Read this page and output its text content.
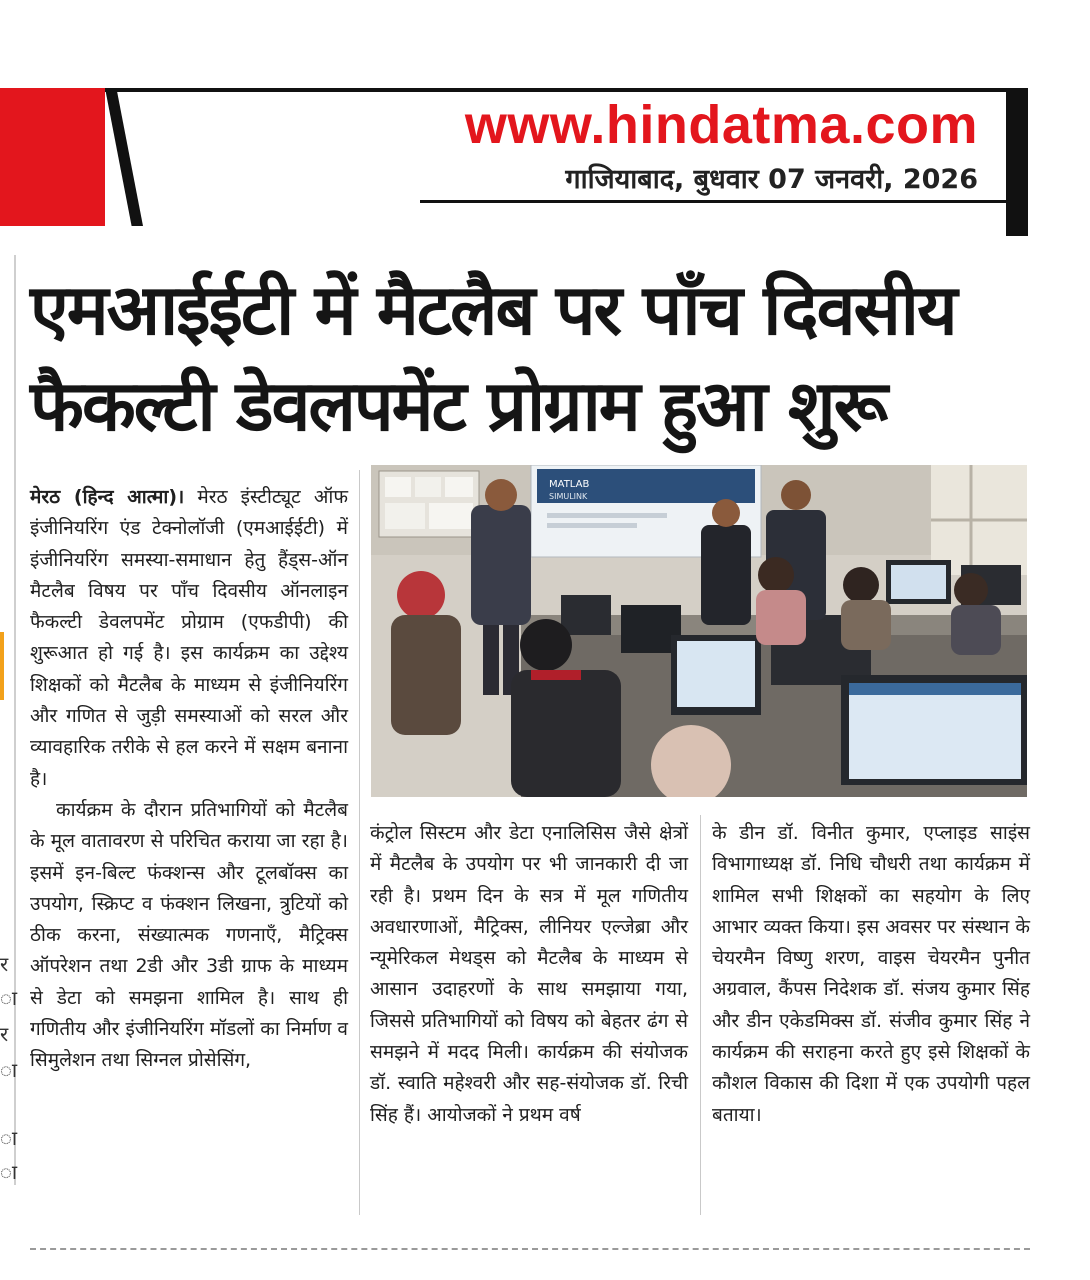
www.hindatma.com
गाजियाबाद, बुधवार 07 जनवरी, 2026
र
ा
र
ा
ा
ा
एमआईईटी में मैटलैब पर पाँच दिवसीय
फैकल्टी डेवलपमेंट प्रोग्राम हुआ शुरू

मेरठ (हिन्द आत्मा)। मेरठ इंस्टीट्यूट ऑफ इंजीनियरिंग एंड टेक्नोलॉजी (एमआईईटी) में इंजीनियरिंग समस्या-समाधान हेतु हैंड्स-ऑन मैटलैब विषय पर पाँच दिवसीय ऑनलाइन फैकल्टी डेवलपमेंट प्रोग्राम (एफडीपी) की शुरूआत हो गई है। इस कार्यक्रम का उद्देश्य शिक्षकों को मैटलैब के माध्यम से इंजीनियरिंग और गणित से जुड़ी समस्याओं को सरल और व्यावहारिक तरीके से हल करने में सक्षम बनाना है।

कार्यक्रम के दौरान प्रतिभागियों को मैटलैब के मूल वातावरण से परिचित कराया जा रहा है। इसमें इन-बिल्ट फंक्शन्स और टूलबॉक्स का उपयोग, स्क्रिप्ट व फंक्शन लिखना, त्रुटियों को ठीक करना, संख्यात्मक गणनाएँ, मैट्रिक्स ऑपरेशन तथा 2डी और 3डी ग्राफ के माध्यम से डेटा को समझना शामिल है। साथ ही गणितीय और इंजीनियरिंग मॉडलों का निर्माण व सिमुलेशन तथा सिग्नल प्रोसेसिंग,

MATLAB
SIMULINK

कंट्रोल सिस्टम और डेटा एनालिसिस जैसे क्षेत्रों में मैटलैब के उपयोग पर भी जानकारी दी जा रही है। प्रथम दिन के सत्र में मूल गणितीय अवधारणाओं, मैट्रिक्स, लीनियर एल्जेब्रा और न्यूमेरिकल मेथड्स को मैटलैब के माध्यम से आसान उदाहरणों के साथ समझाया गया, जिससे प्रतिभागियों को विषय को बेहतर ढंग से समझने में मदद मिली। कार्यक्रम की संयोजक डॉ. स्वाति महेश्वरी और सह-संयोजक डॉ. रिची सिंह हैं। आयोजकों ने प्रथम वर्ष

के डीन डॉ. विनीत कुमार, एप्लाइड साइंस विभागाध्यक्ष डॉ. निधि चौधरी तथा कार्यक्रम में शामिल सभी शिक्षकों का सहयोग के लिए आभार व्यक्त किया। इस अवसर पर संस्थान के चेयरमैन विष्णु शरण, वाइस चेयरमैन पुनीत अग्रवाल, कैंपस निदेशक डॉ. संजय कुमार सिंह और डीन एकेडमिक्स डॉ. संजीव कुमार सिंह ने कार्यक्रम की सराहना करते हुए इसे शिक्षकों के कौशल विकास की दिशा में एक उपयोगी पहल बताया।
